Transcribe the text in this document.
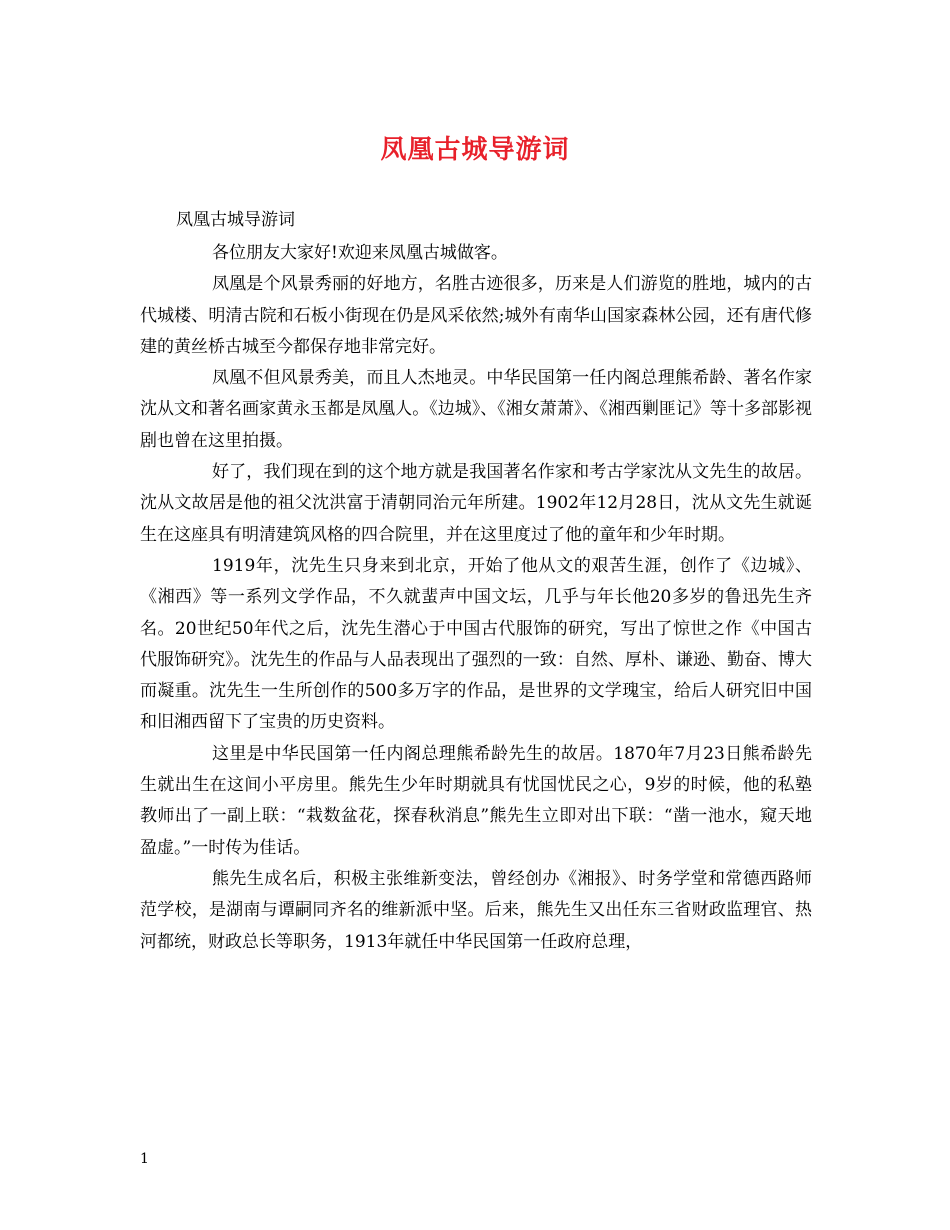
凤凰古城导游词

凤凰古城导游词

各位朋友大家好!欢迎来凤凰古城做客。

凤凰是个风景秀丽的好地方，名胜古迹很多，历来是人们游览的胜地，城内的古代城楼、明清古院和石板小街现在仍是风采依然;城外有南华山国家森林公园，还有唐代修建的黄丝桥古城至今都保存地非常完好。

凤凰不但风景秀美，而且人杰地灵。中华民国第一任内阁总理熊希龄、著名作家沈从文和著名画家黄永玉都是凤凰人。《边城》、《湘女萧萧》、《湘西剿匪记》等十多部影视剧也曾在这里拍摄。

好了，我们现在到的这个地方就是我国著名作家和考古学家沈从文先生的故居。沈从文故居是他的祖父沈洪富于清朝同治元年所建。1902年12月28日，沈从文先生就诞生在这座具有明清建筑风格的四合院里，并在这里度过了他的童年和少年时期。

1919年，沈先生只身来到北京，开始了他从文的艰苦生涯，创作了《边城》、《湘西》等一系列文学作品，不久就蜚声中国文坛，几乎与年长他20多岁的鲁迅先生齐名。20世纪50年代之后，沈先生潜心于中国古代服饰的研究，写出了惊世之作《中国古代服饰研究》。沈先生的作品与人品表现出了强烈的一致：自然、厚朴、谦逊、勤奋、博大而凝重。沈先生一生所创作的500多万字的作品，是世界的文学瑰宝，给后人研究旧中国和旧湘西留下了宝贵的历史资料。

这里是中华民国第一任内阁总理熊希龄先生的故居。1870年7月23日熊希龄先生就出生在这间小平房里。熊先生少年时期就具有忧国忧民之心，9岁的时候，他的私塾教师出了一副上联：“栽数盆花，探春秋消息”熊先生立即对出下联：“凿一池水，窥天地盈虚。”一时传为佳话。

熊先生成名后，积极主张维新变法，曾经创办《湘报》、时务学堂和常德西路师范学校，是湖南与谭嗣同齐名的维新派中坚。后来，熊先生又出任东三省财政监理官、热河都统，财政总长等职务，1913年就任中华民国第一任政府总理，

1
